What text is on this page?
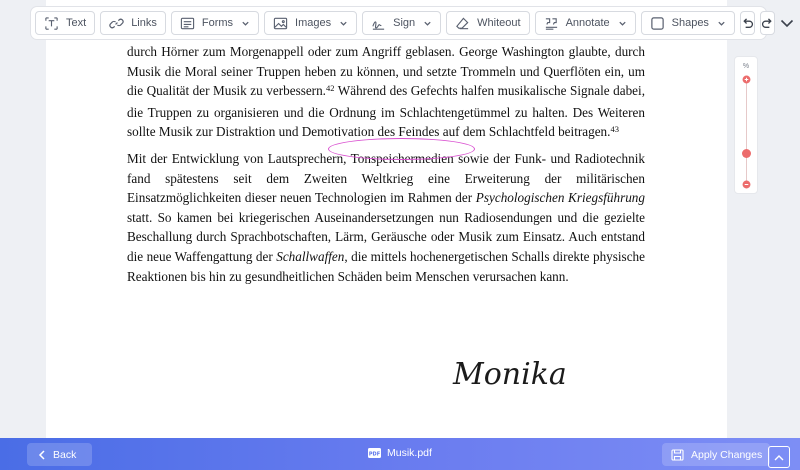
durch Hörner zum Morgenappell oder zum Angriff geblasen. George Washington glaubte, durch Musik die Moral seiner Truppen heben zu können, und setzte Trommeln und Querflöten ein, um die Qualität der Musik zu verbessern.$^{42}$ Während des Gefechts halfen musikalische Signale dabei, die Truppen zu organisieren und die Ordnung im Schlachtengetümmel zu halten. Des Weiteren sollte Musik zur Distraktion und Demotivation des Feindes auf dem Schlachtfeld beitragen.$^{43}$

Mit der Entwicklung von Lautsprechern, Tonspeichermedien sowie der Funk- und Radiotechnik fand spätestens seit dem Zweiten Weltkrieg eine Erweiterung der militärischen Einsatzmöglichkeiten dieser neuen Technologien im Rahmen der Psychologischen Kriegsführung statt. So kamen bei kriegerischen Auseinandersetzungen nun Radiosendungen und die gezielte Beschallung durch Sprachbotschaften, Lärm, Geräusche oder Musik zum Einsatz. Auch entstand die neue Waffengattung der Schallwaffen, die mittels hochenergetischen Schalls direkte physische Reaktionen bis hin zu gesundheitlichen Schäden beim Menschen verursachen kann.

Monika
Text	Links	Forms	Images	Sign	Whiteout	Annotate	Shapes
%
Back	PDF Musik.pdf	Apply Changes
